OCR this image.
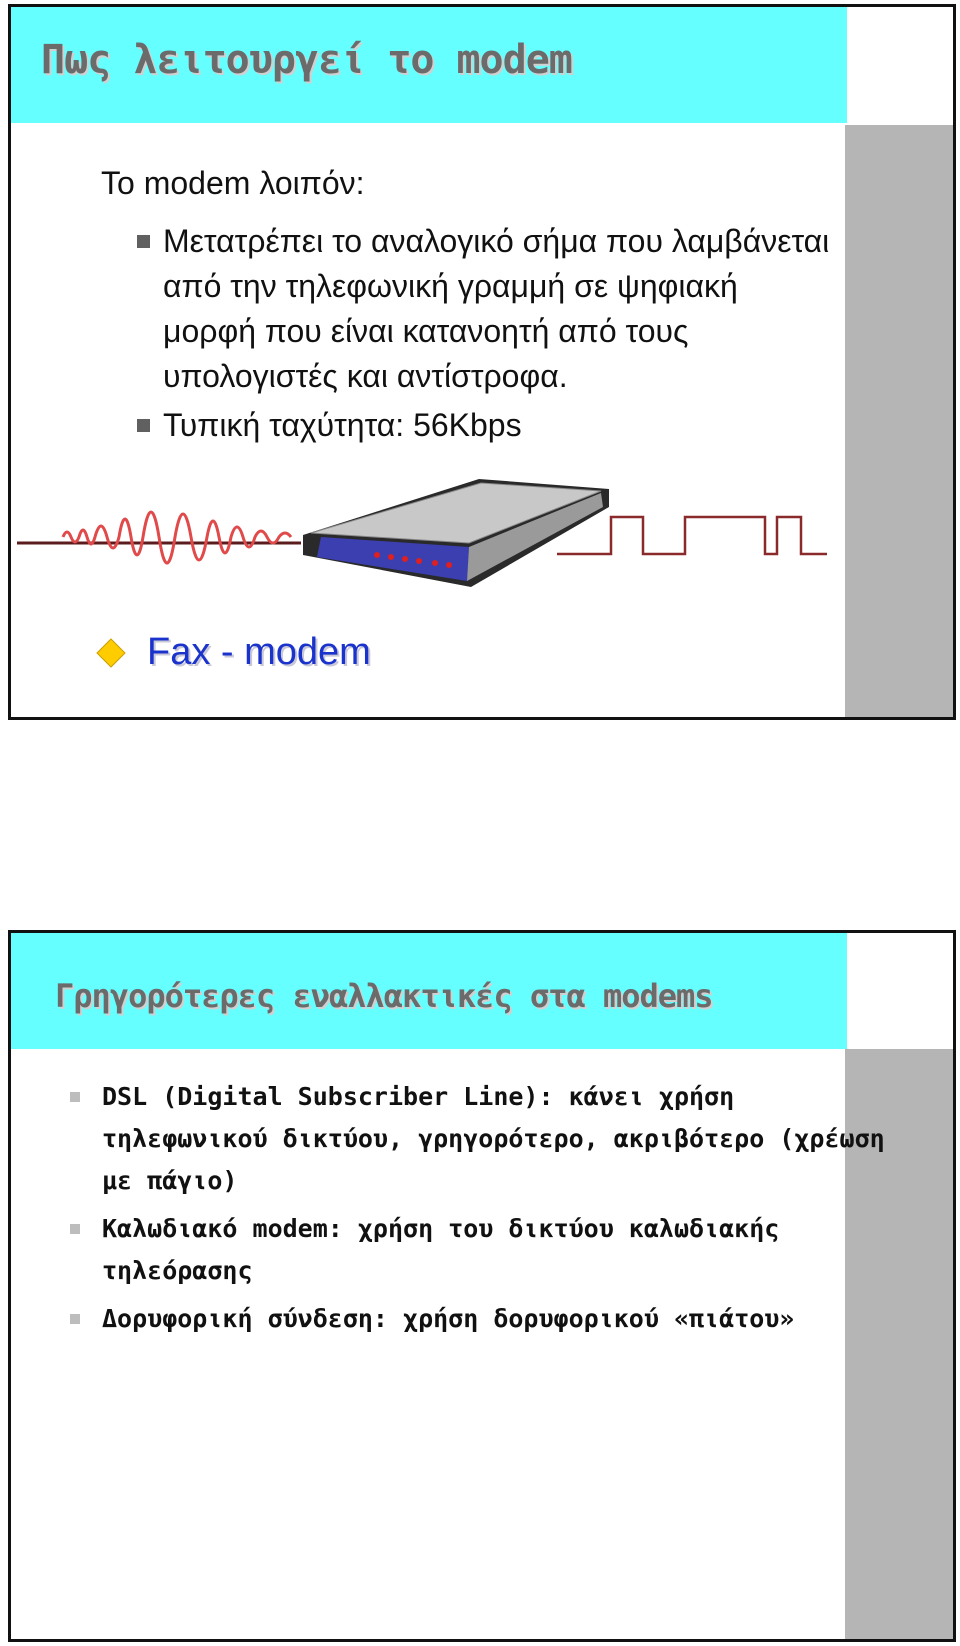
Πως λειτουργεί το modem
Το modem λοιπόν:
Μετατρέπει το αναλογικό σήμα που λαμβάνεται από την τηλεφωνική γραμμή σε ψηφιακή μορφή που είναι κατανοητή από τους υπολογιστές και αντίστροφα.
Τυπική ταχύτητα: 56Kbps
Fax - modem
Γρηγορότερες εναλλακτικές στα modems
DSL (Digital Subscriber Line): κάνει χρήση τηλεφωνικού δικτύου, γρηγορότερο, ακριβότερο (χρέωση με πάγιο)
Καλωδιακό modem: χρήση του δικτύου καλωδιακής τηλεόρασης
Δορυφορική σύνδεση: χρήση δορυφορικού «πιάτου»
